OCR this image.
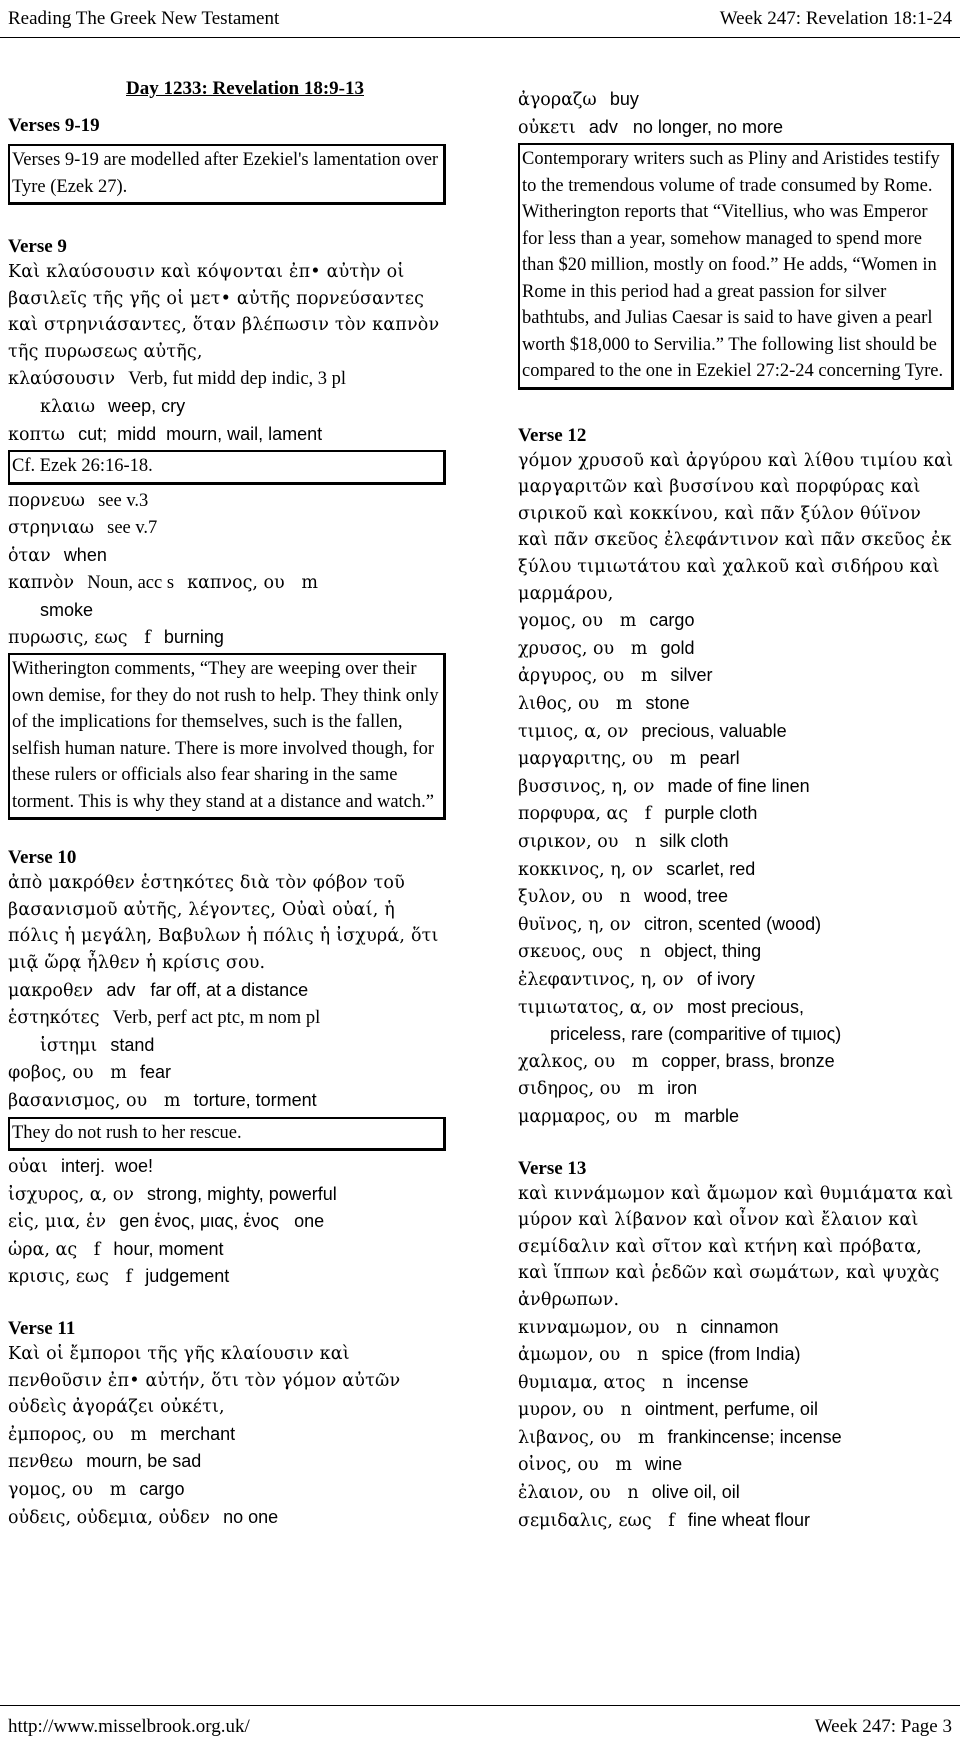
Reading The Greek New Testament	Week 247: Revelation 18:1-24
Day 1233: Revelation 18:9-13
Verses 9-19
Verses 9-19 are modelled after Ezekiel's lamentation over Tyre (Ezek 27).
Verse 9
Καὶ κλαύσουσιν καὶ κόψονται ἐπ• αὐτὴν οἱ βασιλεῖς τῆς γῆς οἱ μετ• αὐτῆς πορνεύσαντες καὶ στρηνιάσαντες, ὅταν βλέπωσιν τὸν καπνὸν τῆς πυρωσεως αὐτῆς,
κλαύσουσιν Verb, fut midd dep indic, 3 pl
κλαιω weep, cry
κοπτω cut;  midd  mourn, wail, lament
Cf. Ezek 26:16-18.
πορνευω see v.3
στρηνιαω see v.7
ὁταν when
καπνὸν Noun, acc s καπνος, ου   m
smoke
πυρωσις, εως   f burning
Witherington comments, “They are weeping over their own demise, for they do not rush to help. They think only of the implications for themselves, such is the fallen, selfish human nature. There is more involved though, for these rulers or officials also fear sharing in the same torment. This is why they stand at a distance and watch.”
Verse 10
ἀπὸ μακρόθεν ἑστηκότες διὰ τὸν φόβον τοῦ βασανισμοῦ αὐτῆς, λέγοντες, Οὐαὶ οὐαί, ἡ πόλις ἡ μεγάλη, Βαβυλων ἡ πόλις ἡ ἰσχυρά, ὅτι μιᾷ ὥρᾳ ἦλθεν ἡ κρίσις σου.
μακροθεν adv   far off, at a distance
ἑστηκότες Verb, perf act ptc, m nom pl
ἱστημι stand
φοβος, ου   m fear
βασανισμος, ου   m torture, torment
They do not rush to her rescue.
οὐαι interj.  woe!
ἰσχυρος, α, ον strong, mighty, powerful
εἱς, μια, ἑν gen ἑνος, μιας, ἑνος   one
ὡρα, ας   f hour, moment
κρισις, εως   f judgement
Verse 11
Καὶ οἱ ἔμποροι τῆς γῆς κλαίουσιν καὶ πενθοῦσιν ἐπ• αὐτήν, ὅτι τὸν γόμον αὐτῶν οὐδεὶς ἀγοράζει οὐκέτι,
ἐμπορος, ου   m merchant
πενθεω mourn, be sad
γομος, ου   m cargo
οὐδεις, οὐδεμια, οὐδεν no one
ἀγοραζω buy
οὐκετι adv   no longer, no more
Contemporary writers such as Pliny and Aristides testify to the tremendous volume of trade consumed by Rome. Witherington reports that “Vitellius, who was Emperor for less than a year, somehow managed to spend more than $20 million, mostly on food.” He adds, “Women in Rome in this period had a great passion for silver bathtubs, and Julias Caesar is said to have given a pearl worth $18,000 to Servilia.” The following list should be compared to the one in Ezekiel 27:2-24 concerning Tyre.
Verse 12
γόμον χρυσοῦ καὶ ἀργύρου καὶ λίθου τιμίου καὶ μαργαριτῶν καὶ βυσσίνου καὶ πορφύρας καὶ σιρικοῦ καὶ κοκκίνου, καὶ πᾶν ξύλον θύϊνον καὶ πᾶν σκεῦος ἐλεφάντινον καὶ πᾶν σκεῦος ἐκ ξύλου τιμιωτάτου καὶ χαλκοῦ καὶ σιδήρου καὶ μαρμάρου,
γομος, ου   m cargo
χρυσος, ου   m gold
ἀργυρος, ου   m silver
λιθος, ου   m stone
τιμιος, α, ον precious, valuable
μαργαριτης, ου   m pearl
βυσσινος, η, ον made of fine linen
πορφυρα, ας   f purple cloth
σιρικον, ου   n silk cloth
κοκκινος, η, ον scarlet, red
ξυλον, ου   n wood, tree
θυϊνος, η, ον citron, scented (wood)
σκευος, ους   n object, thing
ἐλεφαντινος, η, ον of ivory
τιμιωτατος, α, ον most precious,
priceless, rare (comparitive of τιμιος)
χαλκος, ου   m copper, brass, bronze
σιδηρος, ου   m iron
μαρμαρος, ου   m marble
Verse 13
καὶ κιννάμωμον καὶ ἄμωμον καὶ θυμιάματα καὶ μύρον καὶ λίβανον καὶ οἶνον καὶ ἔλαιον καὶ σεμίδαλιν καὶ σῖτον καὶ κτήνη καὶ πρόβατα, καὶ ἵππων καὶ ῥεδῶν καὶ σωμάτων, καὶ ψυχὰς ἀνθρωπων.
κινναμωμον, ου   n cinnamon
ἀμωμον, ου   n spice (from India)
θυμιαμα, ατος   n incense
μυρον, ου   n ointment, perfume, oil
λιβανος, ου   m frankincense; incense
οἰνος, ου   m wine
ἐλαιον, ου   n olive oil, oil
σεμιδαλις, εως   f fine wheat flour
http://www.misselbrook.org.uk/	Week 247: Page 3
